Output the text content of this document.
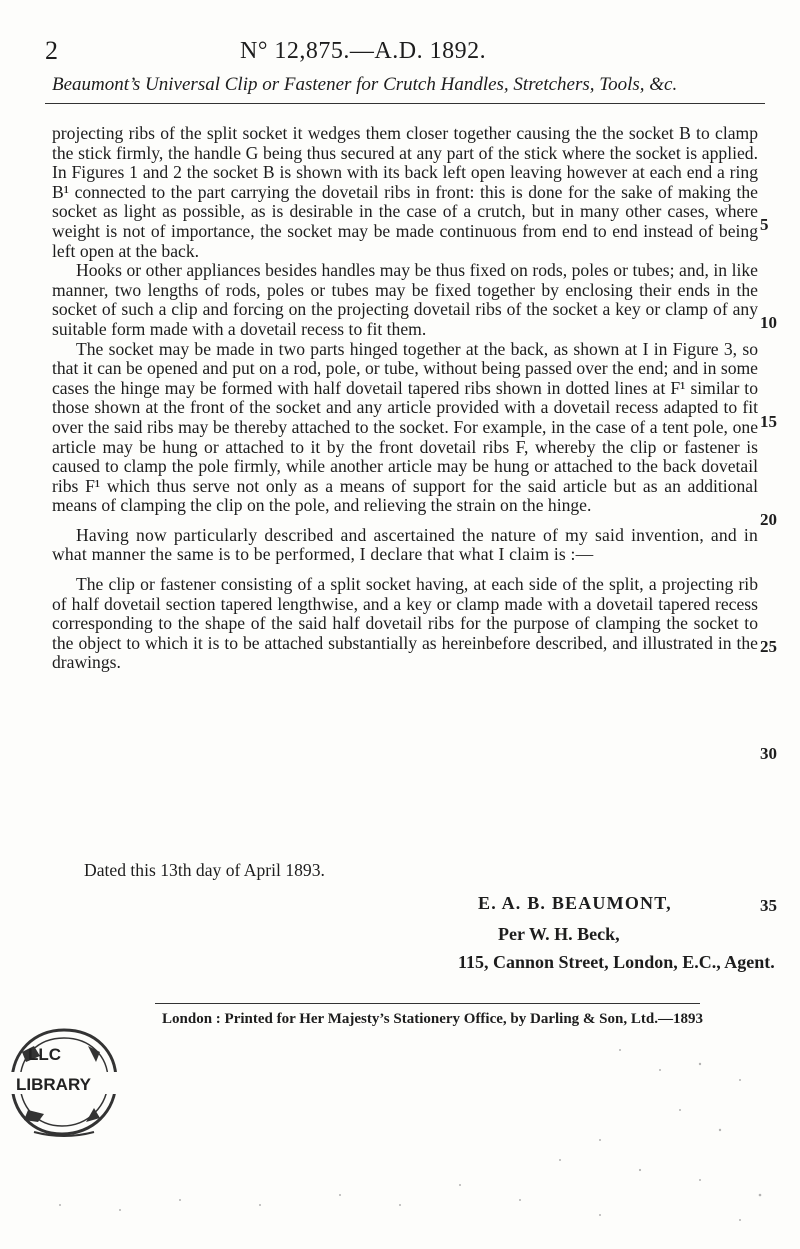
2	N° 12,875.—A.D. 1892.
Beaumont’s Universal Clip or Fastener for Crutch Handles, Stretchers, Tools, &c.

projecting ribs of the split socket it wedges them closer together causing the the socket B to clamp the stick firmly, the handle G being thus secured at any part of the stick where the socket is applied. In Figures 1 and 2 the socket B is shown with its back left open leaving however at each end a ring B¹ connected to the part carrying the dovetail ribs in front: this is done for the sake of making the socket as light as possible, as is desirable in the case of a crutch, but in many other cases, where weight is not of importance, the socket may be made continuous from end to end instead of being left open at the back.

Hooks or other appliances besides handles may be thus fixed on rods, poles or tubes; and, in like manner, two lengths of rods, poles or tubes may be fixed together by enclosing their ends in the socket of such a clip and forcing on the projecting dovetail ribs of the socket a key or clamp of any suitable form made with a dovetail recess to fit them.

The socket may be made in two parts hinged together at the back, as shown at I in Figure 3, so that it can be opened and put on a rod, pole, or tube, without being passed over the end; and in some cases the hinge may be formed with half dovetail tapered ribs shown in dotted lines at F¹ similar to those shown at the front of the socket and any article provided with a dovetail recess adapted to fit over the said ribs may be thereby attached to the socket. For example, in the case of a tent pole, one article may be hung or attached to it by the front dovetail ribs F, whereby the clip or fastener is caused to clamp the pole firmly, while another article may be hung or attached to the back dovetail ribs F¹ which thus serve not only as a means of support for the said article but as an additional means of clamping the clip on the pole, and relieving the strain on the hinge.

Having now particularly described and ascertained the nature of my said invention, and in what manner the same is to be performed, I declare that what I claim is :—

The clip or fastener consisting of a split socket having, at each side of the split, a projecting rib of half dovetail section tapered lengthwise, and a key or clamp made with a dovetail tapered recess corresponding to the shape of the said half dovetail ribs for the purpose of clamping the socket to the object to which it is to be attached substantially as hereinbefore described, and illustrated in the drawings.

5
10
15
20
25
30
35
Dated this 13th day of April 1893.
E. A. B. BEAUMONT,
Per W. H. Beck,
115, Cannon Street, London, E.C., Agent.
London : Printed for Her Majesty’s Stationery Office, by Darling & Son, Ltd.—1893
LLC
LIBRARY
